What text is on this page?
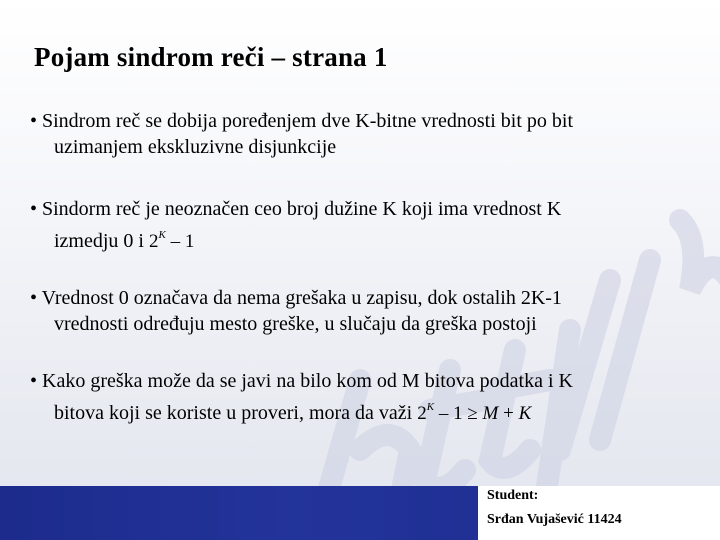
Pojam sindrom reči – strana 1

• Sindrom reč se dobija poređenjem dve K-bitne vrednosti bit po bit
uzimanjem ekskluzivne disjunkcije

• Sindorm reč je neoznačen ceo broj dužine K koji ima vrednost K
izmedju 0 i $2^K - 1$

• Vrednost 0 označava da nema grešaka u zapisu, dok ostalih 2K-1
vrednosti određuju mesto greške, u slučaju da greška postoji

• Kako greška može da se javi na bilo kom od M bitova podatka i K
bitova koji se koriste u proveri, mora da važi $2^K - 1 \ge M + K$

Student:
Srđan Vujašević 11424
